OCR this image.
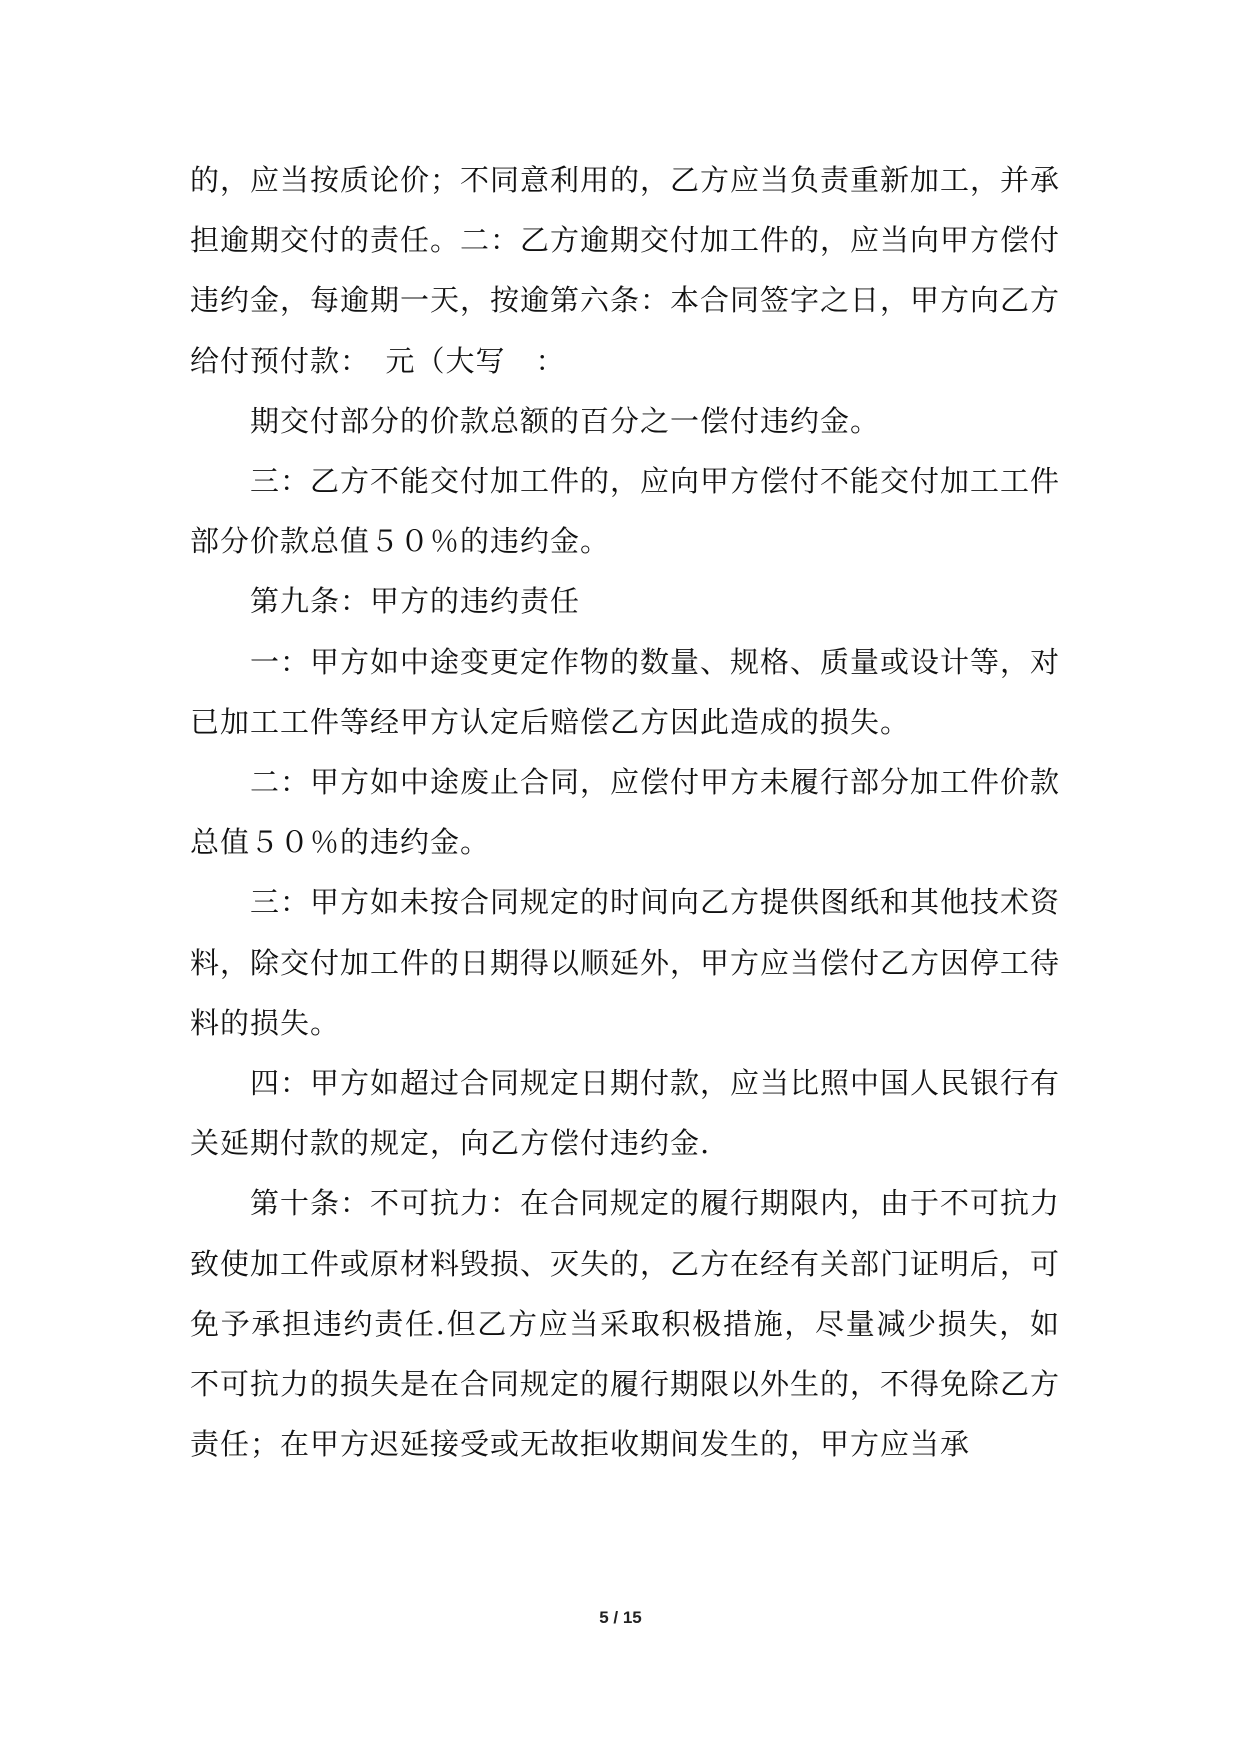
的，应当按质论价；不同意利用的，乙方应当负责重新加工，并承担逾期交付的责任。二：乙方逾期交付加工件的，应当向甲方偿付违约金，每逾期一天，按逾第六条：本合同签字之日，甲方向乙方给付预付款：　元（大写　：

期交付部分的价款总额的百分之一偿付违约金。

三：乙方不能交付加工件的，应向甲方偿付不能交付加工工件部分价款总值５０％的违约金。

第九条：甲方的违约责任

一：甲方如中途变更定作物的数量、规格、质量或设计等，对已加工工件等经甲方认定后赔偿乙方因此造成的损失。

二：甲方如中途废止合同，应偿付甲方未履行部分加工件价款总值５０％的违约金。

三：甲方如未按合同规定的时间向乙方提供图纸和其他技术资料，除交付加工件的日期得以顺延外，甲方应当偿付乙方因停工待料的损失。

四：甲方如超过合同规定日期付款，应当比照中国人民银行有关延期付款的规定，向乙方偿付违约金.

第十条：不可抗力：在合同规定的履行期限内，由于不可抗力致使加工件或原材料毁损、灭失的，乙方在经有关部门证明后，可免予承担违约责任.但乙方应当采取积极措施，尽量减少损失，如不可抗力的损失是在合同规定的履行期限以外生的，不得免除乙方责任；在甲方迟延接受或无故拒收期间发生的，甲方应当承

5 / 15
